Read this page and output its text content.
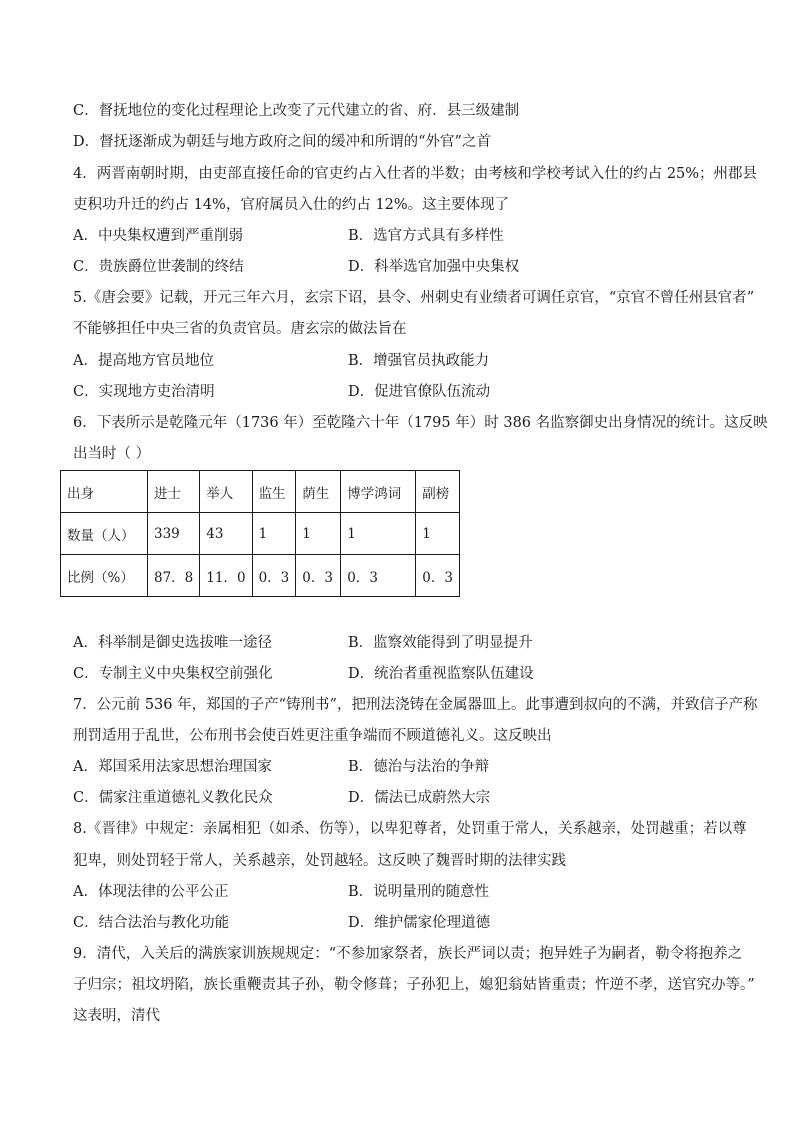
C．督抚地位的变化过程理论上改变了元代建立的省、府．县三级建制
D．督抚逐渐成为朝廷与地方政府之间的缓冲和所谓的“外官”之首
4．两晋南朝时期，由吏部直接任命的官吏约占入仕者的半数；由考核和学校考试入仕的约占 25%；州郡县
吏积功升迁的约占 14%，官府属员入仕的约占 12%。这主要体现了
A．中央集权遭到严重削弱	B．选官方式具有多样性
C．贵族爵位世袭制的终结	D．科举选官加强中央集权
5.《唐会要》记载，开元三年六月，玄宗下诏，县令、州刺史有业绩者可调任京官，“京官不曾任州县官者”
不能够担任中央三省的负责官员。唐玄宗的做法旨在
A．提高地方官员地位	B．增强官员执政能力
C．实现地方吏治清明	D．促进官僚队伍流动
6．下表所示是乾隆元年（1736 年）至乾隆六十年（1795 年）时 386 名监察御史出身情况的统计。这反映
出当时（ ）
出身	进士	举人	监生	荫生	博学鸿词	副榜
数量（人）	339	43	1	1	1	1
比例（%）	87．8	11．0	0．3	0．3	0．3	0．3
A．科举制是御史选拔唯一途径	B．监察效能得到了明显提升
C．专制主义中央集权空前强化	D．统治者重视监察队伍建设
7．公元前 536 年，郑国的子产“铸刑书”，把刑法浇铸在金属器皿上。此事遭到叔向的不满，并致信子产称
刑罚适用于乱世，公布刑书会使百姓更注重争端而不顾道德礼义。这反映出
A．郑国采用法家思想治理国家	B．德治与法治的争辩
C．儒家注重道德礼义教化民众	D．儒法已成蔚然大宗
8.《晋律》中规定：亲属相犯（如杀、伤等），以卑犯尊者，处罚重于常人，关系越亲，处罚越重；若以尊
犯卑，则处罚轻于常人，关系越亲，处罚越轻。这反映了魏晋时期的法律实践
A．体现法律的公平公正	B．说明量刑的随意性
C．结合法治与教化功能	D．维护儒家伦理道德
9．清代，入关后的满族家训族规规定：“不参加家祭者，族长严词以责；抱异姓子为嗣者，勒令将抱养之
子归宗；祖坟坍陷，族长重鞭责其子孙，勒令修葺；子孙犯上，媳犯翁姑皆重责；忤逆不孝，送官究办等。”
这表明，清代
